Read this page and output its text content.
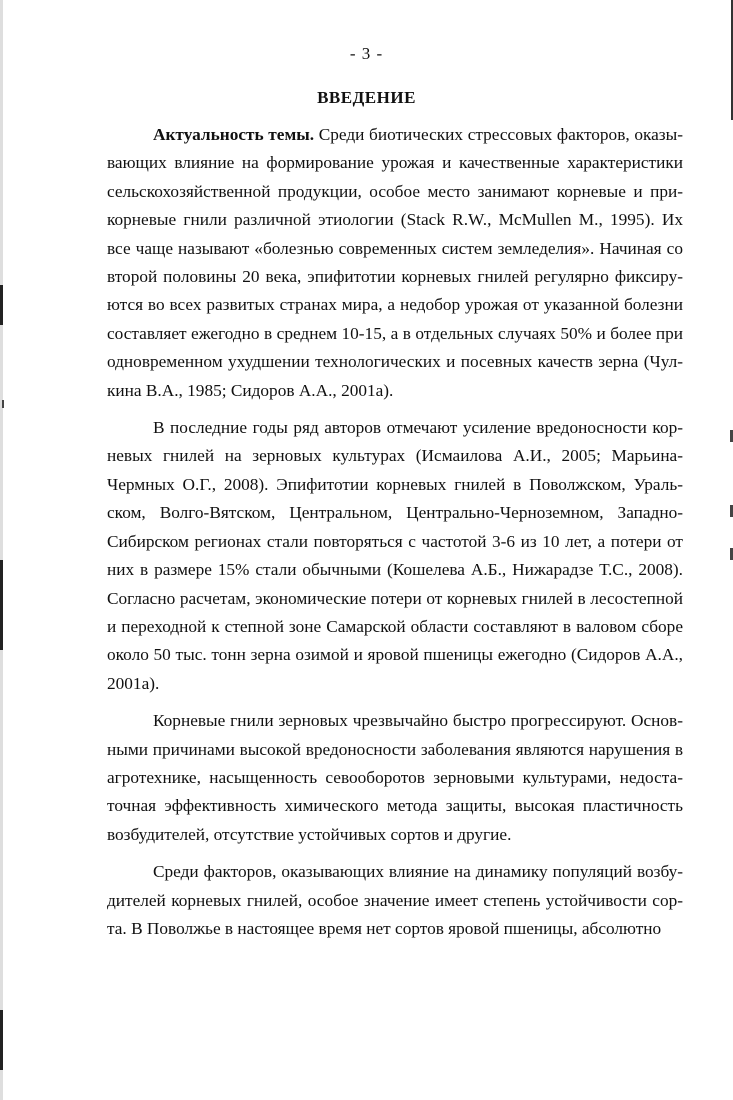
- 3 -
ВВЕДЕНИЕ

Актуальность темы. Среди биотических стрессовых факторов, оказывающих влияние на формирование урожая и качественные характеристики сельскохозяйственной продукции, особое место занимают корневые и прикорневые гнили различной этиологии (Stack R.W., McMullen M., 1995). Их все чаще называют «болезнью современных систем земледелия». Начиная со второй половины 20 века, эпифитотии корневых гнилей регулярно фиксируются во всех развитых странах мира, а недобор урожая от указанной болезни составляет ежегодно в среднем 10-15, а в отдельных случаях 50% и более при одновременном ухудшении технологических и посевных качеств зерна (Чулкина В.А., 1985; Сидоров А.А., 2001а).

В последние годы ряд авторов отмечают усиление вредоносности корневых гнилей на зерновых культурах (Исмаилова А.И., 2005; Марьина-Чермных О.Г., 2008). Эпифитотии корневых гнилей в Поволжском, Уральском, Волго-Вятском, Центральном, Центрально-Черноземном, Западно-Сибирском регионах стали повторяться с частотой 3-6 из 10 лет, а потери от них в размере 15% стали обычными (Кошелева А.Б., Нижарадзе Т.С., 2008). Согласно расчетам, экономические потери от корневых гнилей в лесостепной и переходной к степной зоне Самарской области составляют в валовом сборе около 50 тыс. тонн зерна озимой и яровой пшеницы ежегодно (Сидоров А.А., 2001а).

Корневые гнили зерновых чрезвычайно быстро прогрессируют. Основными причинами высокой вредоносности заболевания являются нарушения в агротехнике, насыщенность севооборотов зерновыми культурами, недостаточная эффективность химического метода защиты, высокая пластичность возбудителей, отсутствие устойчивых сортов и другие.

Среди факторов, оказывающих влияние на динамику популяций возбудителей корневых гнилей, особое значение имеет степень устойчивости сорта. В Поволжье в настоящее время нет сортов яровой пшеницы, абсолютно
